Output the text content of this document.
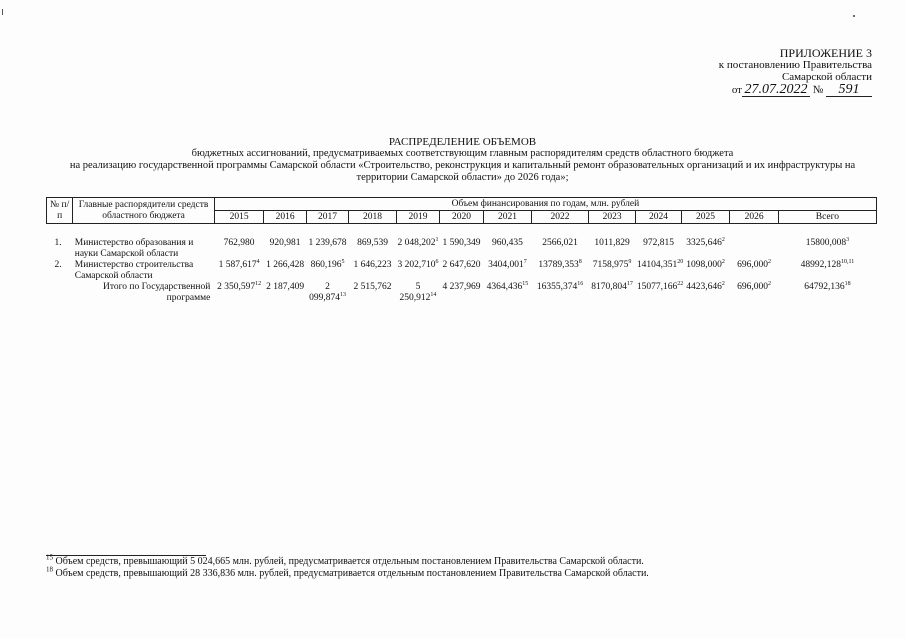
ПРИЛОЖЕНИЕ 3
к постановлению Правительства
Самарской области
от 27.07.2022 № 591
РАСПРЕДЕЛЕНИЕ ОБЪЕМОВ
бюджетных ассигнований, предусматриваемых соответствующим главным распорядителям средств областного бюджета
на реализацию государственной программы Самарской области «Строительство, реконструкция и капитальный ремонт образовательных организаций и их инфраструктуры на
территории Самарской области» до 2026 года»;
№ п/п	Главные распорядители средств областного бюджета	Объем финансирования по годам, млн. рублей												
		2015	2016	2017	2018	2019	2020	2021	2022	2023	2024	2025	2026	Всего

1.	Министерство образования и науки Самарской области	762,980	920,981	1 239,678	869,539	2 048,202$^1$	1 590,349	960,435	2566,021	1011,829	972,815	3325,646$^2$		15800,008$^3$
2.	Министерство строительства Самарской области	1 587,617$^4$	1 266,428	860,196$^5$	1 646,223	3 202,710$^6$	2 647,620	3404,001$^7$	13789,353$^8$	7158,975$^9$	14104,351$^{20}$	1098,000$^2$	696,000$^2$	48992,128$^{10,11}$
	Итого по Государственной программе	2 350,597$^{12}$	2 187,409	2 099,874$^{13}$	2 515,762	5 250,912$^{14}$	4 237,969	4364,436$^{15}$	16355,374$^{16}$	8170,804$^{17}$	15077,166$^{22}$	4423,646$^2$	696,000$^2$	64792,136$^{18}$
$^{15}$ Объем средств, превышающий 5 024,665 млн. рублей, предусматривается отдельным постановлением Правительства Самарской области.
$^{18}$ Объем средств, превышающий 28 336,836 млн. рублей, предусматривается отдельным постановлением Правительства Самарской области.
